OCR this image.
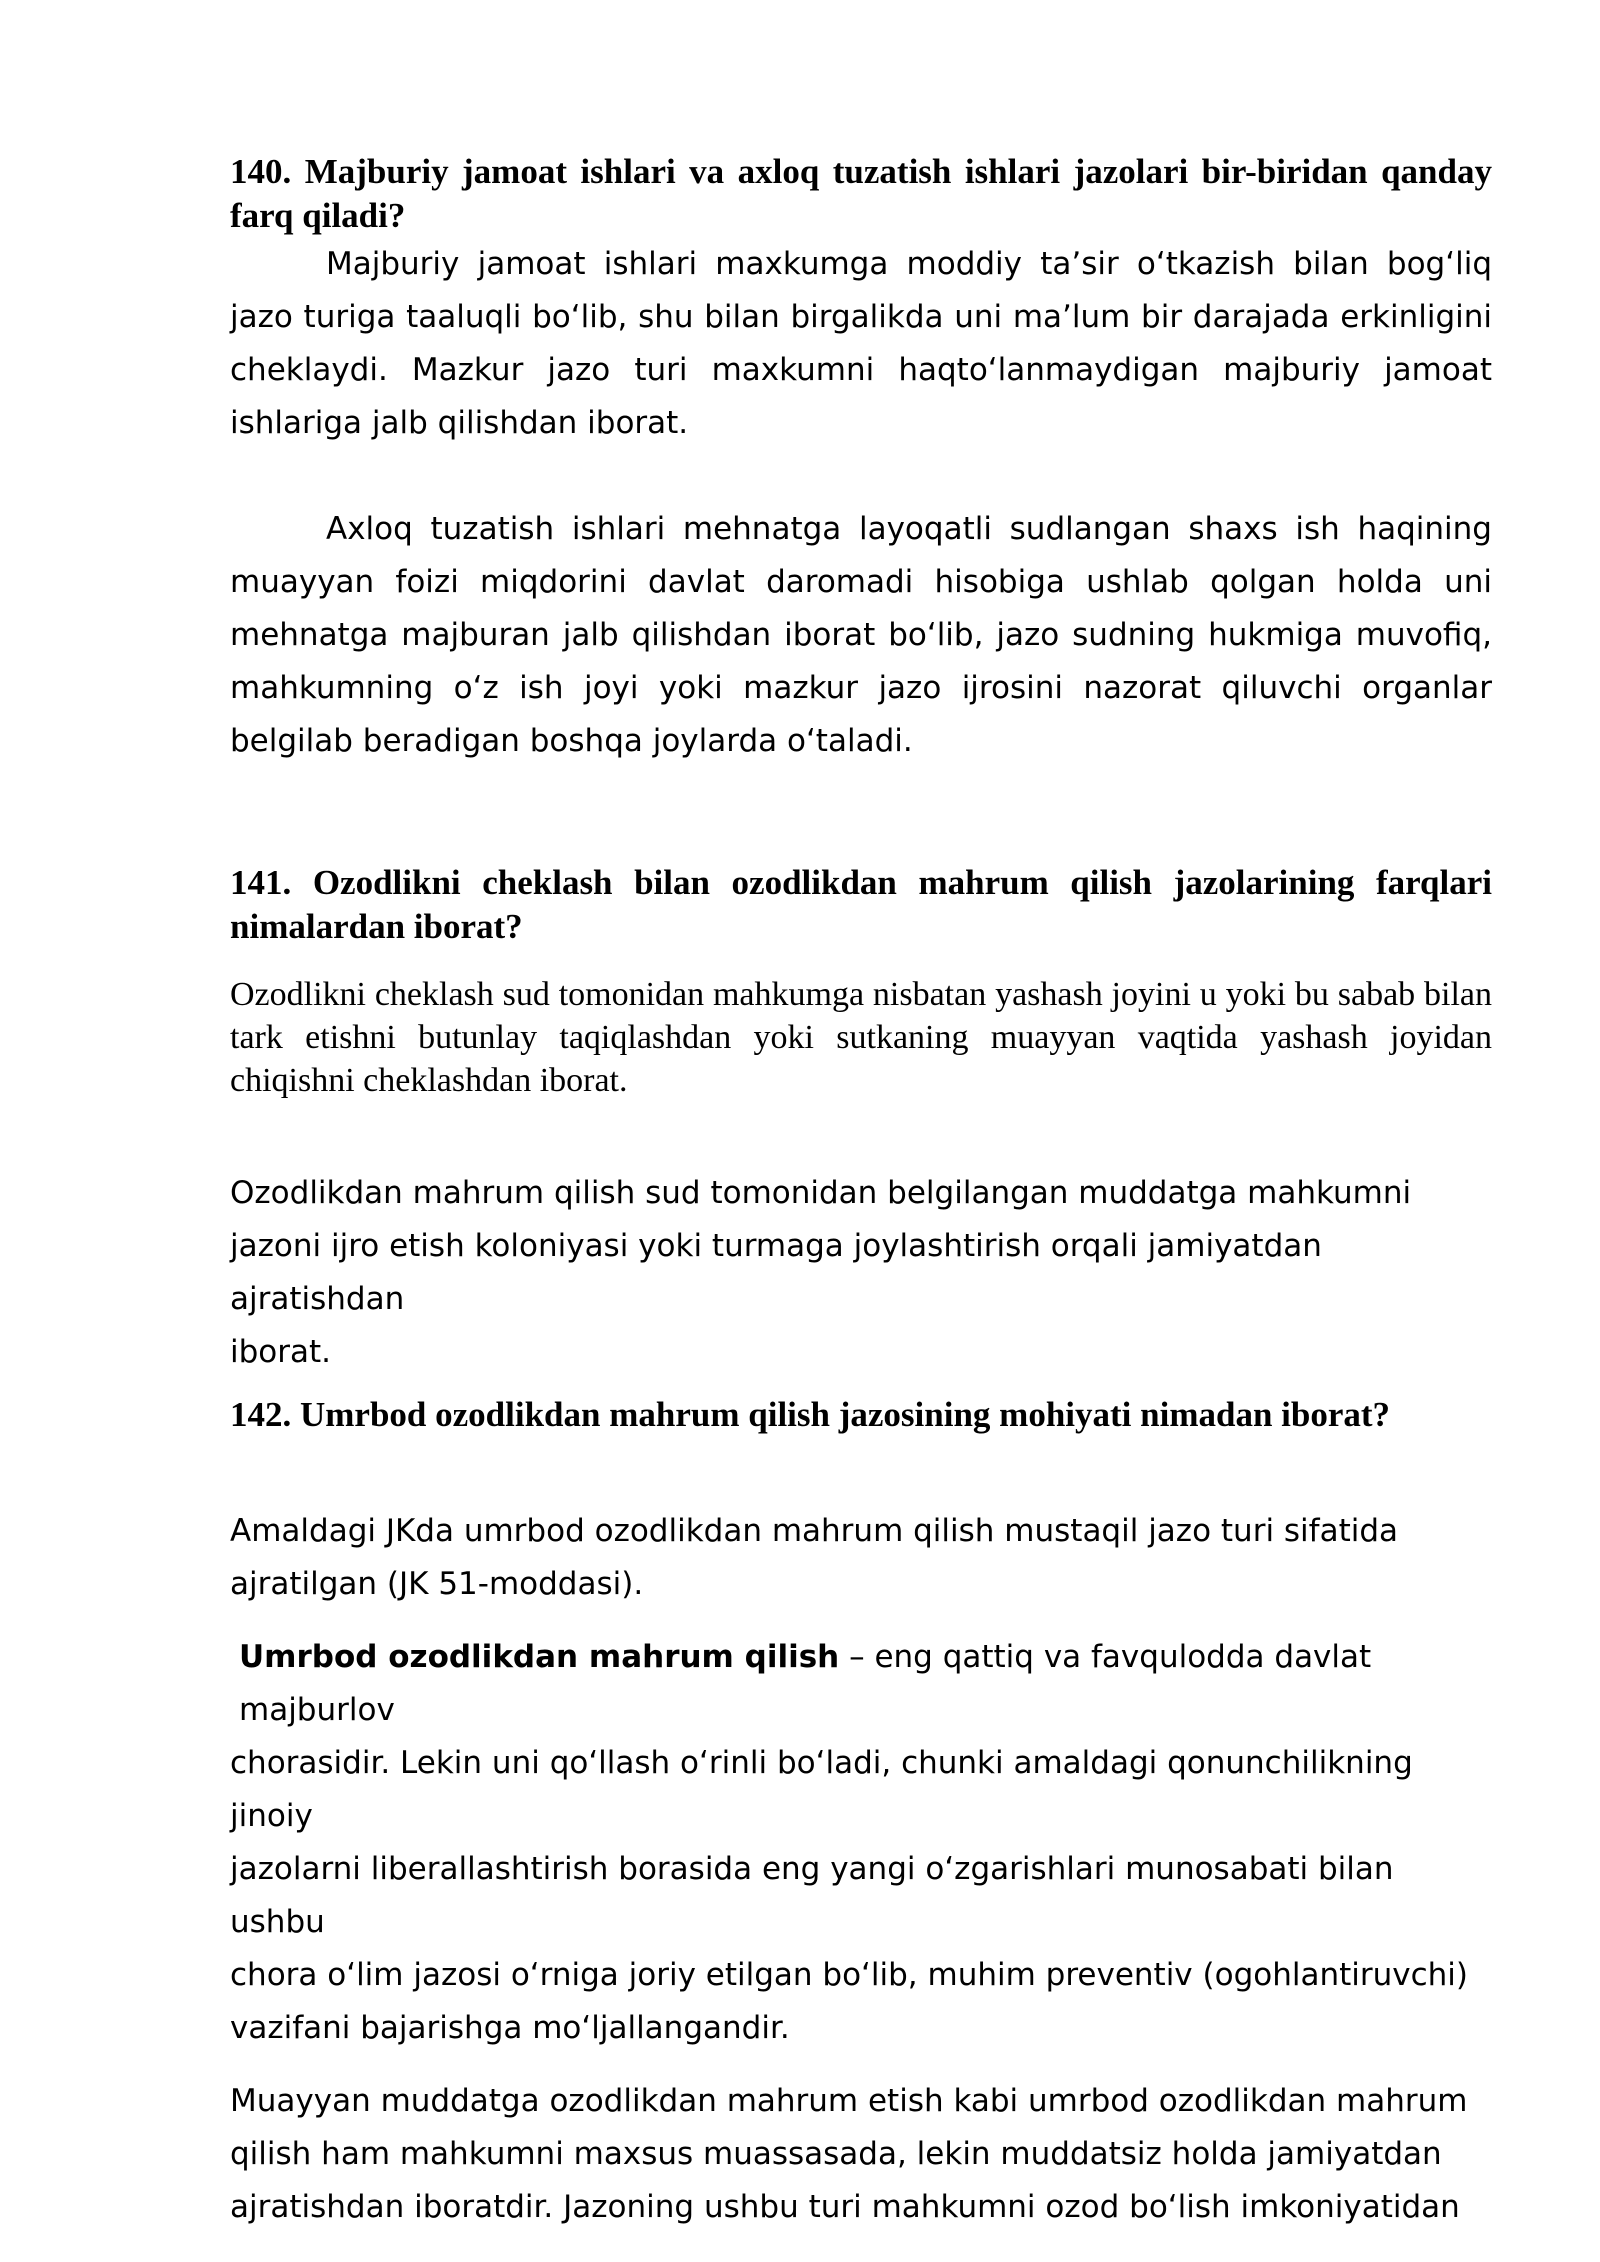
140. Majburiy jamoat ishlari va axloq tuzatish ishlari jazolari bir-biridan qanday farq qiladi?

Majburiy jamoat ishlari maxkumga moddiy ta’sir o‘tkazish bilan bog‘liq jazo turiga taaluqli bo‘lib, shu bilan birgalikda uni ma’lum bir darajada erkinligini cheklaydi. Mazkur jazo turi maxkumni haqto‘lanmaydigan majburiy jamoat ishlariga jalb qilishdan iborat.

Axloq tuzatish ishlari mehnatga layoqatli sudlangan shaxs ish haqining muayyan foizi miqdorini davlat daromadi hisobiga ushlab qolgan holda uni mehnatga majburan jalb qilishdan iborat bo‘lib, jazo sudning hukmiga muvofiq, mahkumning o‘z ish joyi yoki mazkur jazo ijrosini nazorat qiluvchi organlar belgilab beradigan boshqa joylarda o‘taladi.

141. Ozodlikni cheklash bilan ozodlikdan mahrum qilish jazolarining farqlari nimalardan iborat?

Ozodlikni cheklash sud tomonidan mahkumga nisbatan yashash joyini u yoki bu sabab bilan tark etishni butunlay taqiqlashdan yoki sutkaning muayyan vaqtida yashash joyidan chiqishni cheklashdan iborat.

Ozodlikdan mahrum qilish sud tomonidan belgilangan muddatga mahkumni

jazoni ijro etish koloniyasi yoki turmaga joylashtirish orqali jamiyatdan ajratishdan

iborat.

142. Umrbod ozodlikdan mahrum qilish jazosining mohiyati nimadan iborat?

Amaldagi JKda umrbod ozodlikdan mahrum qilish mustaqil jazo turi sifatida

ajratilgan (JK 51-moddasi).

Umrbod ozodlikdan mahrum qilish – eng qattiq va favqulodda davlat majburlov

chorasidir. Lekin uni qo‘llash o‘rinli bo‘ladi, chunki amaldagi qonunchilikning jinoiy

jazolarni liberallashtirish borasida eng yangi o‘zgarishlari munosabati bilan ushbu

chora o‘lim jazosi o‘rniga joriy etilgan bo‘lib, muhim preventiv (ogohlantiruvchi)

vazifani bajarishga mo‘ljallangandir.

Muayyan muddatga ozodlikdan mahrum etish kabi umrbod ozodlikdan mahrum

qilish ham mahkumni maxsus muassasada, lekin muddatsiz holda jamiyatdan

ajratishdan iboratdir. Jazoning ushbu turi mahkumni ozod bo‘lish imkoniyatidan
